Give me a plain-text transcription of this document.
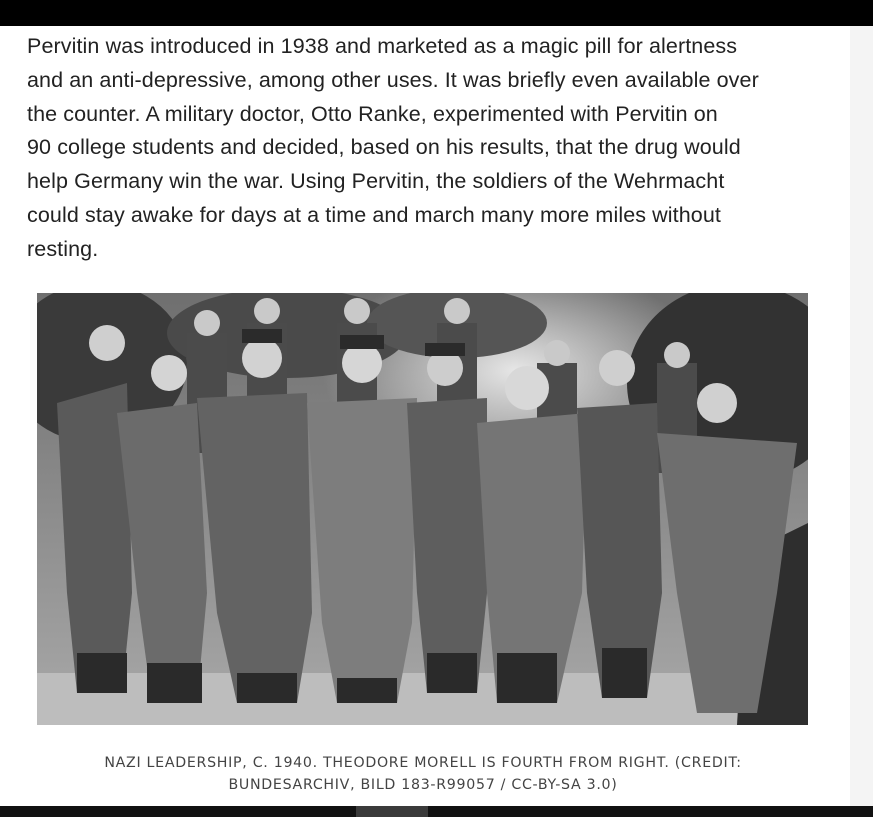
Pervitin was introduced in 1938 and marketed as a magic pill for alertness
and an anti-depressive, among other uses. It was briefly even available over
the counter. A military doctor, Otto Ranke, experimented with Pervitin on
90 college students and decided, based on his results, that the drug would
help Germany win the war. Using Pervitin, the soldiers of the Wehrmacht
could stay awake for days at a time and march many more miles without
resting.

NAZI LEADERSHIP, C. 1940. THEODORE MORELL IS FOURTH FROM RIGHT. (CREDIT:
BUNDESARCHIV, BILD 183-R99057 / CC-BY-SA 3.0)
